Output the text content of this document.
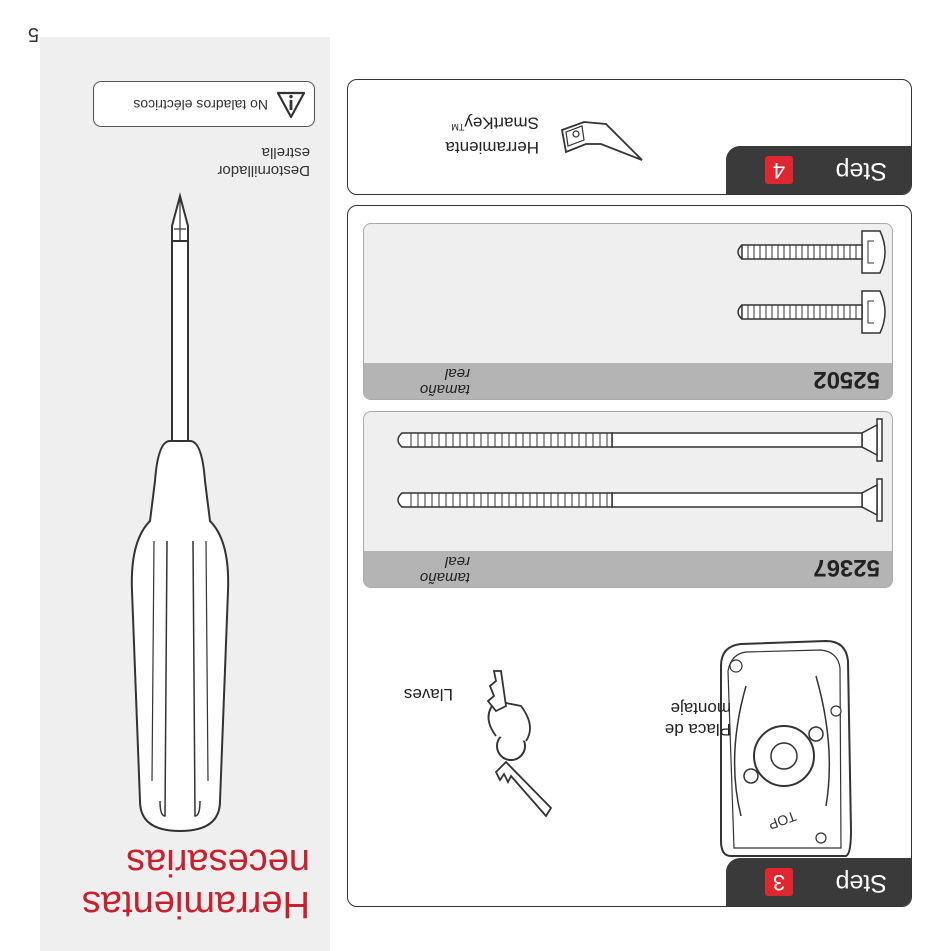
5
Herramientas
necesarias
Destornillador
estrella
No taladros eléctricos
Step
3
TOP
Placa de
montaje
Llaves
52367
tamaño
real
52502
tamaño
real
Step
4
Herramienta
SmartKey™
